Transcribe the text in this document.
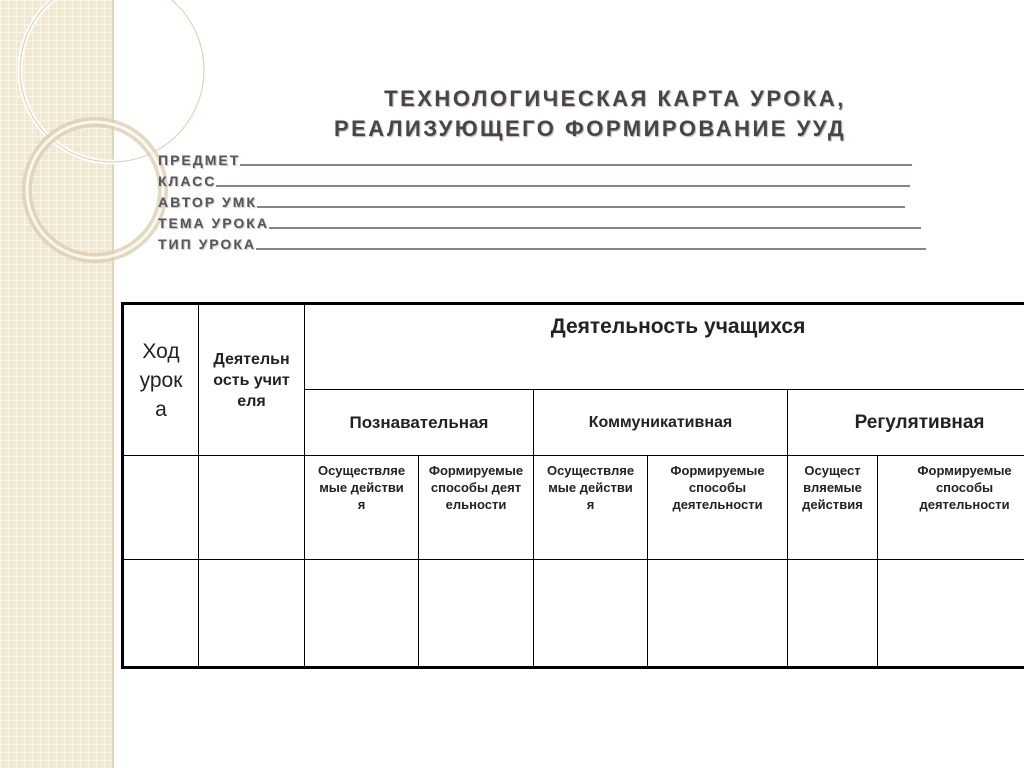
ТЕХНОЛОГИЧЕСКАЯ КАРТА УРОКА,
РЕАЛИЗУЮЩЕГО ФОРМИРОВАНИЕ УУД
ПРЕДМЕТ
КЛАСС
АВТОР УМК
ТЕМА УРОКА
ТИП УРОКА
Ход урока	Деятельность учителя	Деятельность учащихся					
		Познавательная		Коммуникативная		Регулятивная	

		Осуществляемые действия	Формируемые способы деятельности	Осуществляемые действия	Формируемые способы деятельности	Осуществляемые действия	Формируемые способы деятельности
